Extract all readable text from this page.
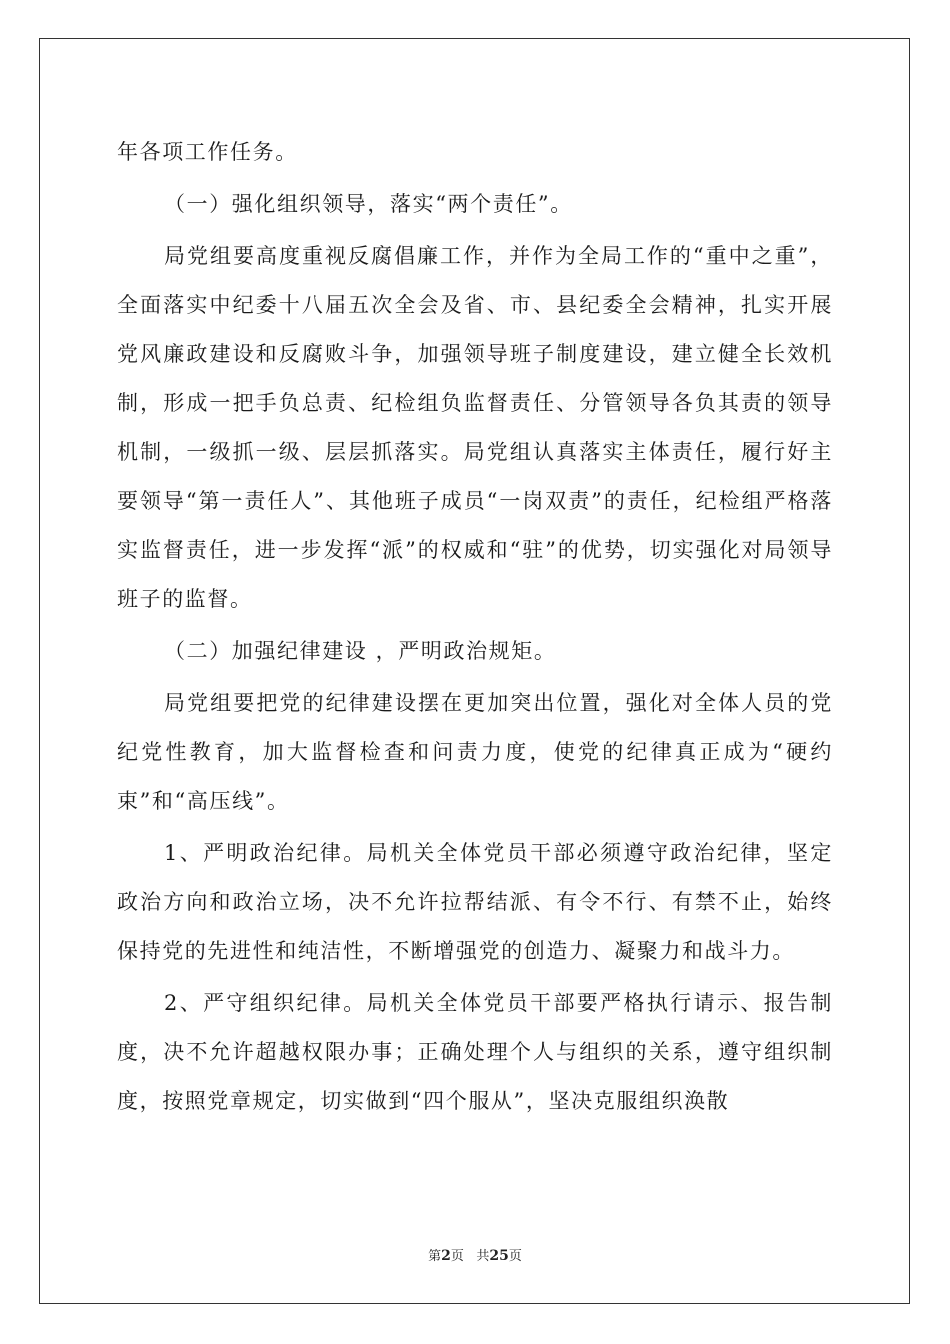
年各项工作任务。

（一）强化组织领导，落实“两个责任”。

局党组要高度重视反腐倡廉工作，并作为全局工作的“重中之重”，全面落实中纪委十八届五次全会及省、市、县纪委全会精神，扎实开展党风廉政建设和反腐败斗争，加强领导班子制度建设，建立健全长效机制，形成一把手负总责、纪检组负监督责任、分管领导各负其责的领导机制，一级抓一级、层层抓落实。局党组认真落实主体责任，履行好主要领导“第一责任人”、其他班子成员“一岗双责”的责任，纪检组严格落实监督责任，进一步发挥“派”的权威和“驻”的优势，切实强化对局领导班子的监督。

（二）加强纪律建设 ，严明政治规矩。

局党组要把党的纪律建设摆在更加突出位置，强化对全体人员的党纪党性教育，加大监督检查和问责力度，使党的纪律真正成为“硬约束”和“高压线”。

1、严明政治纪律。局机关全体党员干部必须遵守政治纪律，坚定政治方向和政治立场，决不允许拉帮结派、有令不行、有禁不止，始终保持党的先进性和纯洁性，不断增强党的创造力、凝聚力和战斗力。

2、严守组织纪律。局机关全体党员干部要严格执行请示、报告制度，决不允许超越权限办事；正确处理个人与组织的关系，遵守组织制度，按照党章规定，切实做到“四个服从”，坚决克服组织涣散

第2页 共25页
